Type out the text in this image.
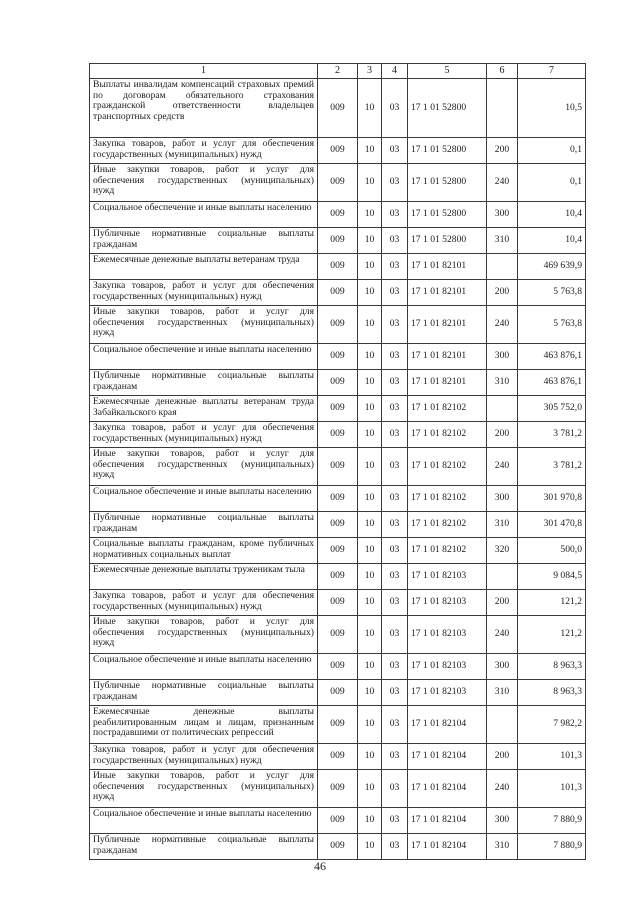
1	2	3	4	5	6	7
Выплаты инвалидам компенсаций страховых премий по договорам обязательного страхования гражданской ответственности владельцев транспортных средств	009	10	03	17 1 01 52800		10,5
Закупка товаров, работ и услуг для обеспечения государственных (муниципальных) нужд	009	10	03	17 1 01 52800	200	0,1
Иные закупки товаров, работ и услуг для обеспечения государственных (муниципальных) нужд	009	10	03	17 1 01 52800	240	0,1
Социальное обеспечение и иные выплаты населению	009	10	03	17 1 01 52800	300	10,4
Публичные нормативные социальные выплаты гражданам	009	10	03	17 1 01 52800	310	10,4
Ежемесячные денежные выплаты ветеранам труда	009	10	03	17 1 01 82101		469 639,9
Закупка товаров, работ и услуг для обеспечения государственных (муниципальных) нужд	009	10	03	17 1 01 82101	200	5 763,8
Иные закупки товаров, работ и услуг для обеспечения государственных (муниципальных) нужд	009	10	03	17 1 01 82101	240	5 763,8
Социальное обеспечение и иные выплаты населению	009	10	03	17 1 01 82101	300	463 876,1
Публичные нормативные социальные выплаты гражданам	009	10	03	17 1 01 82101	310	463 876,1
Ежемесячные денежные выплаты ветеранам труда Забайкальского края	009	10	03	17 1 01 82102		305 752,0
Закупка товаров, работ и услуг для обеспечения государственных (муниципальных) нужд	009	10	03	17 1 01 82102	200	3 781,2
Иные закупки товаров, работ и услуг для обеспечения государственных (муниципальных) нужд	009	10	03	17 1 01 82102	240	3 781,2
Социальное обеспечение и иные выплаты населению	009	10	03	17 1 01 82102	300	301 970,8
Публичные нормативные социальные выплаты гражданам	009	10	03	17 1 01 82102	310	301 470,8
Социальные выплаты гражданам, кроме публичных нормативных социальных выплат	009	10	03	17 1 01 82102	320	500,0
Ежемесячные денежные выплаты труженикам тыла	009	10	03	17 1 01 82103		9 084,5
Закупка товаров, работ и услуг для обеспечения государственных (муниципальных) нужд	009	10	03	17 1 01 82103	200	121,2
Иные закупки товаров, работ и услуг для обеспечения государственных (муниципальных) нужд	009	10	03	17 1 01 82103	240	121,2
Социальное обеспечение и иные выплаты населению	009	10	03	17 1 01 82103	300	8 963,3
Публичные нормативные социальные выплаты гражданам	009	10	03	17 1 01 82103	310	8 963,3
Ежемесячные денежные выплаты реабилитированным лицам и лицам, признанным пострадавшими от политических репрессий	009	10	03	17 1 01 82104		7 982,2
Закупка товаров, работ и услуг для обеспечения государственных (муниципальных) нужд	009	10	03	17 1 01 82104	200	101,3
Иные закупки товаров, работ и услуг для обеспечения государственных (муниципальных) нужд	009	10	03	17 1 01 82104	240	101,3
Социальное обеспечение и иные выплаты населению	009	10	03	17 1 01 82104	300	7 880,9
Публичные нормативные социальные выплаты гражданам	009	10	03	17 1 01 82104	310	7 880,9
46
